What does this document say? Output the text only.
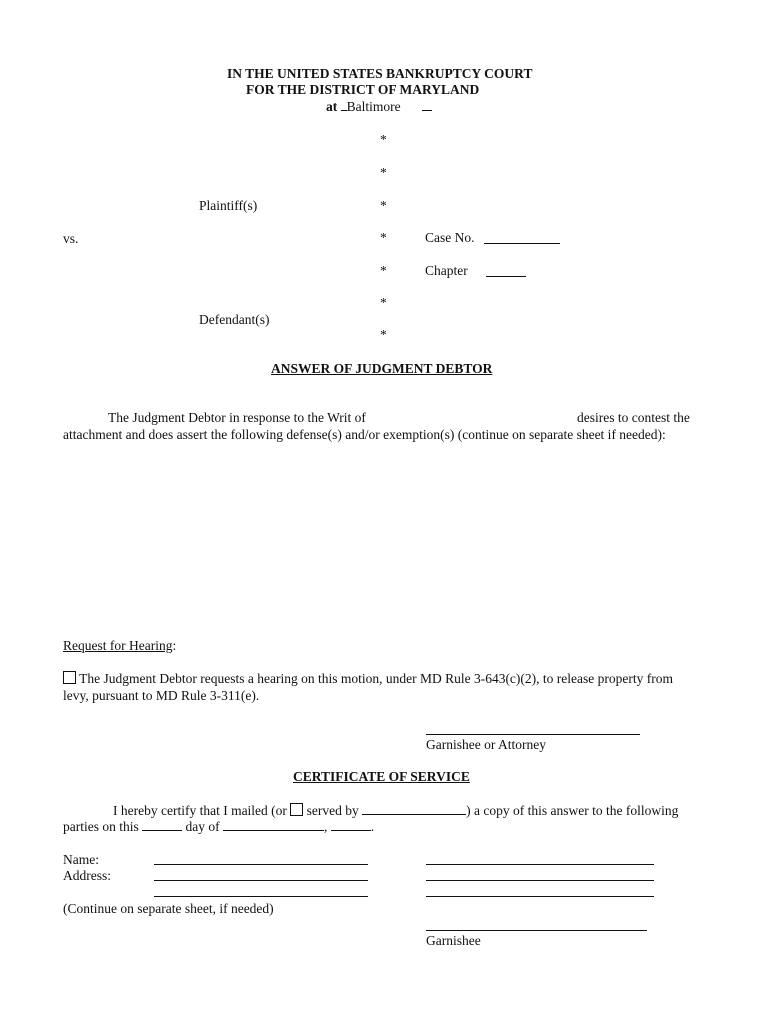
IN THE UNITED STATES BANKRUPTCY COURT
FOR THE DISTRICT OF MARYLAND
at Baltimore
*
*
*
*
*
*
*
Plaintiff(s)
vs.
Defendant(s)
Case No.
Chapter
ANSWER OF JUDGMENT DEBTOR
The Judgment Debtor in response to the Writ of	desires to contest the
attachment and does assert the following defense(s) and/or exemption(s) (continue on separate sheet if needed):
Request for Hearing:
The Judgment Debtor requests a hearing on this motion, under MD Rule 3-643(c)(2), to release property from
levy, pursuant to MD Rule 3-311(e).
Garnishee or Attorney
CERTIFICATE OF SERVICE
I hereby certify that I mailed (or served by	) a copy of this answer to the following
parties on this	day of	,	.
Name:
Address:
(Continue on separate sheet, if needed)
Garnishee
